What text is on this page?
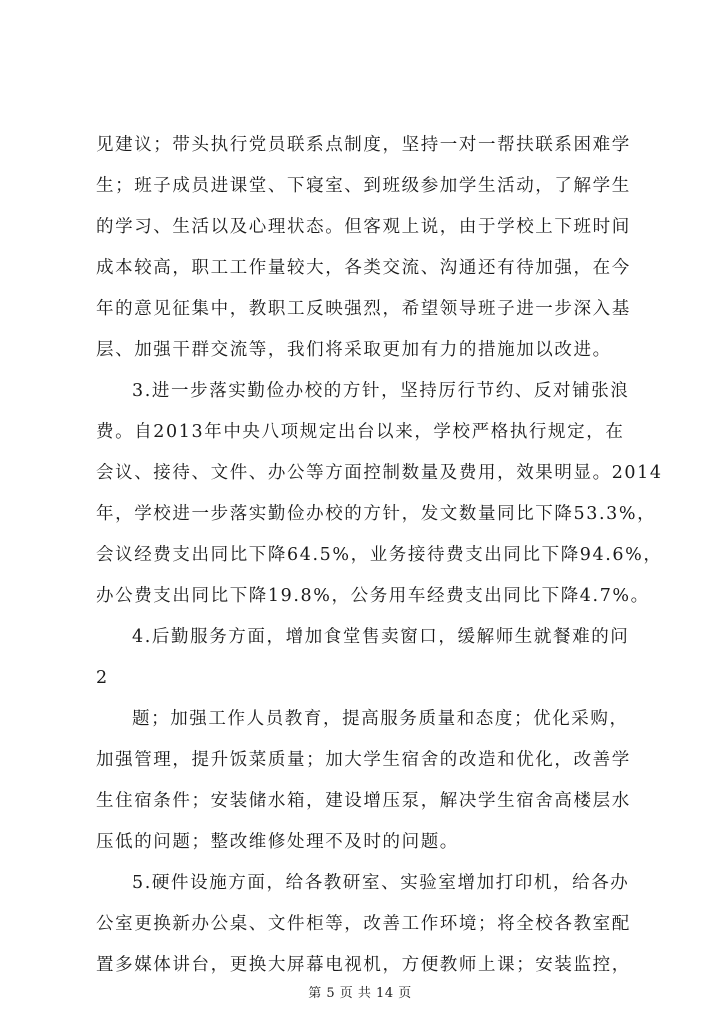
见建议；带头执行党员联系点制度，坚持一对一帮扶联系困难学
生；班子成员进课堂、下寝室、到班级参加学生活动，了解学生
的学习、生活以及心理状态。但客观上说，由于学校上下班时间
成本较高，职工工作量较大，各类交流、沟通还有待加强，在今
年的意见征集中，教职工反映强烈，希望领导班子进一步深入基
层、加强干群交流等，我们将采取更加有力的措施加以改进。
3.进一步落实勤俭办校的方针，坚持厉行节约、反对铺张浪
费。自2013年中央八项规定出台以来，学校严格执行规定，在
会议、接待、文件、办公等方面控制数量及费用，效果明显。2014
年，学校进一步落实勤俭办校的方针，发文数量同比下降53.3%，
会议经费支出同比下降64.5%，业务接待费支出同比下降94.6%，
办公费支出同比下降19.8%，公务用车经费支出同比下降4.7%。
4.后勤服务方面，增加食堂售卖窗口，缓解师生就餐难的问
2
题；加强工作人员教育，提高服务质量和态度；优化采购，
加强管理，提升饭菜质量；加大学生宿舍的改造和优化，改善学
生住宿条件；安装储水箱，建设增压泵，解决学生宿舍高楼层水
压低的问题；整改维修处理不及时的问题。
5.硬件设施方面，给各教研室、实验室增加打印机，给各办
公室更换新办公桌、文件柜等，改善工作环境；将全校各教室配
置多媒体讲台，更换大屏幕电视机，方便教师上课；安装监控，
第 5 页 共 14 页
